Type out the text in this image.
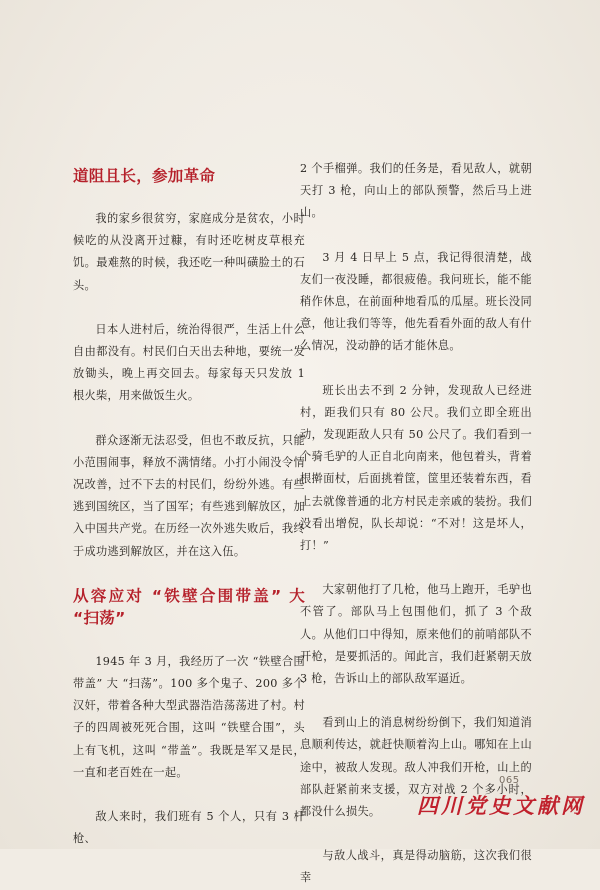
道阻且长，参加革命

我的家乡很贫穷，家庭成分是贫农，小时候吃的从没离开过糠，有时还吃树皮草根充饥。最难熬的时候，我还吃一种叫磺脸土的石头。

日本人进村后，统治得很严，生活上什么自由都没有。村民们白天出去种地，要统一发放锄头，晚上再交回去。每家每天只发放 1 根火柴，用来做饭生火。

群众逐渐无法忍受，但也不敢反抗，只能小范围闹事，释放不满情绪。小打小闹没令情况改善，过不下去的村民们，纷纷外逃。有些逃到国统区，当了国军；有些逃到解放区，加入中国共产党。在历经一次外逃失败后，我终于成功逃到解放区，并在这入伍。

从容应对 “铁壁合围带盖” 大 “扫荡”

1945 年 3 月，我经历了一次 “铁壁合围带盖” 大 “扫荡”。100 多个鬼子、200 多个汉奸，带着各种大型武器浩浩荡荡进了村。村子的四周被死死合围，这叫 “铁壁合围”，头上有飞机，这叫 “带盖”。我既是军又是民，一直和老百姓在一起。

敌人来时，我们班有 5 个人，只有 3 杆枪、

2 个手榴弹。我们的任务是，看见敌人，就朝天打 3 枪，向山上的部队预警，然后马上进山。

3 月 4 日早上 5 点，我记得很清楚，战友们一夜没睡，都很疲倦。我问班长，能不能稍作休息，在前面种地看瓜的瓜屋。班长没同意，他让我们等等，他先看看外面的敌人有什么情况，没动静的话才能休息。

班长出去不到 2 分钟，发现敌人已经进村，距我们只有 80 公尺。我们立即全班出动，发现距敌人只有 50 公尺了。我们看到一个骑毛驴的人正自北向南来，他包着头，背着根擀面杖，后面挑着筐，筐里还装着东西，看上去就像普通的北方村民走亲戚的装扮。我们没看出增倪，队长却说：“不对！这是坏人，打！”

大家朝他打了几枪，他马上跑开，毛驴也不管了。部队马上包围他们，抓了 3 个敌人。从他们口中得知，原来他们的前哨部队不开枪，是要抓活的。闻此言，我们赶紧朝天放 3 枪，告诉山上的部队敌军逼近。

看到山上的消息树纷纷倒下，我们知道消息顺利传达，就赶快顺着沟上山。哪知在上山途中，被敌人发现。敌人冲我们开枪，山上的部队赶紧前来支援，双方对战 2 个多小时，都没什么损失。

与敌人战斗，真是得动脑筋，这次我们很幸

065
四川党史文献网
